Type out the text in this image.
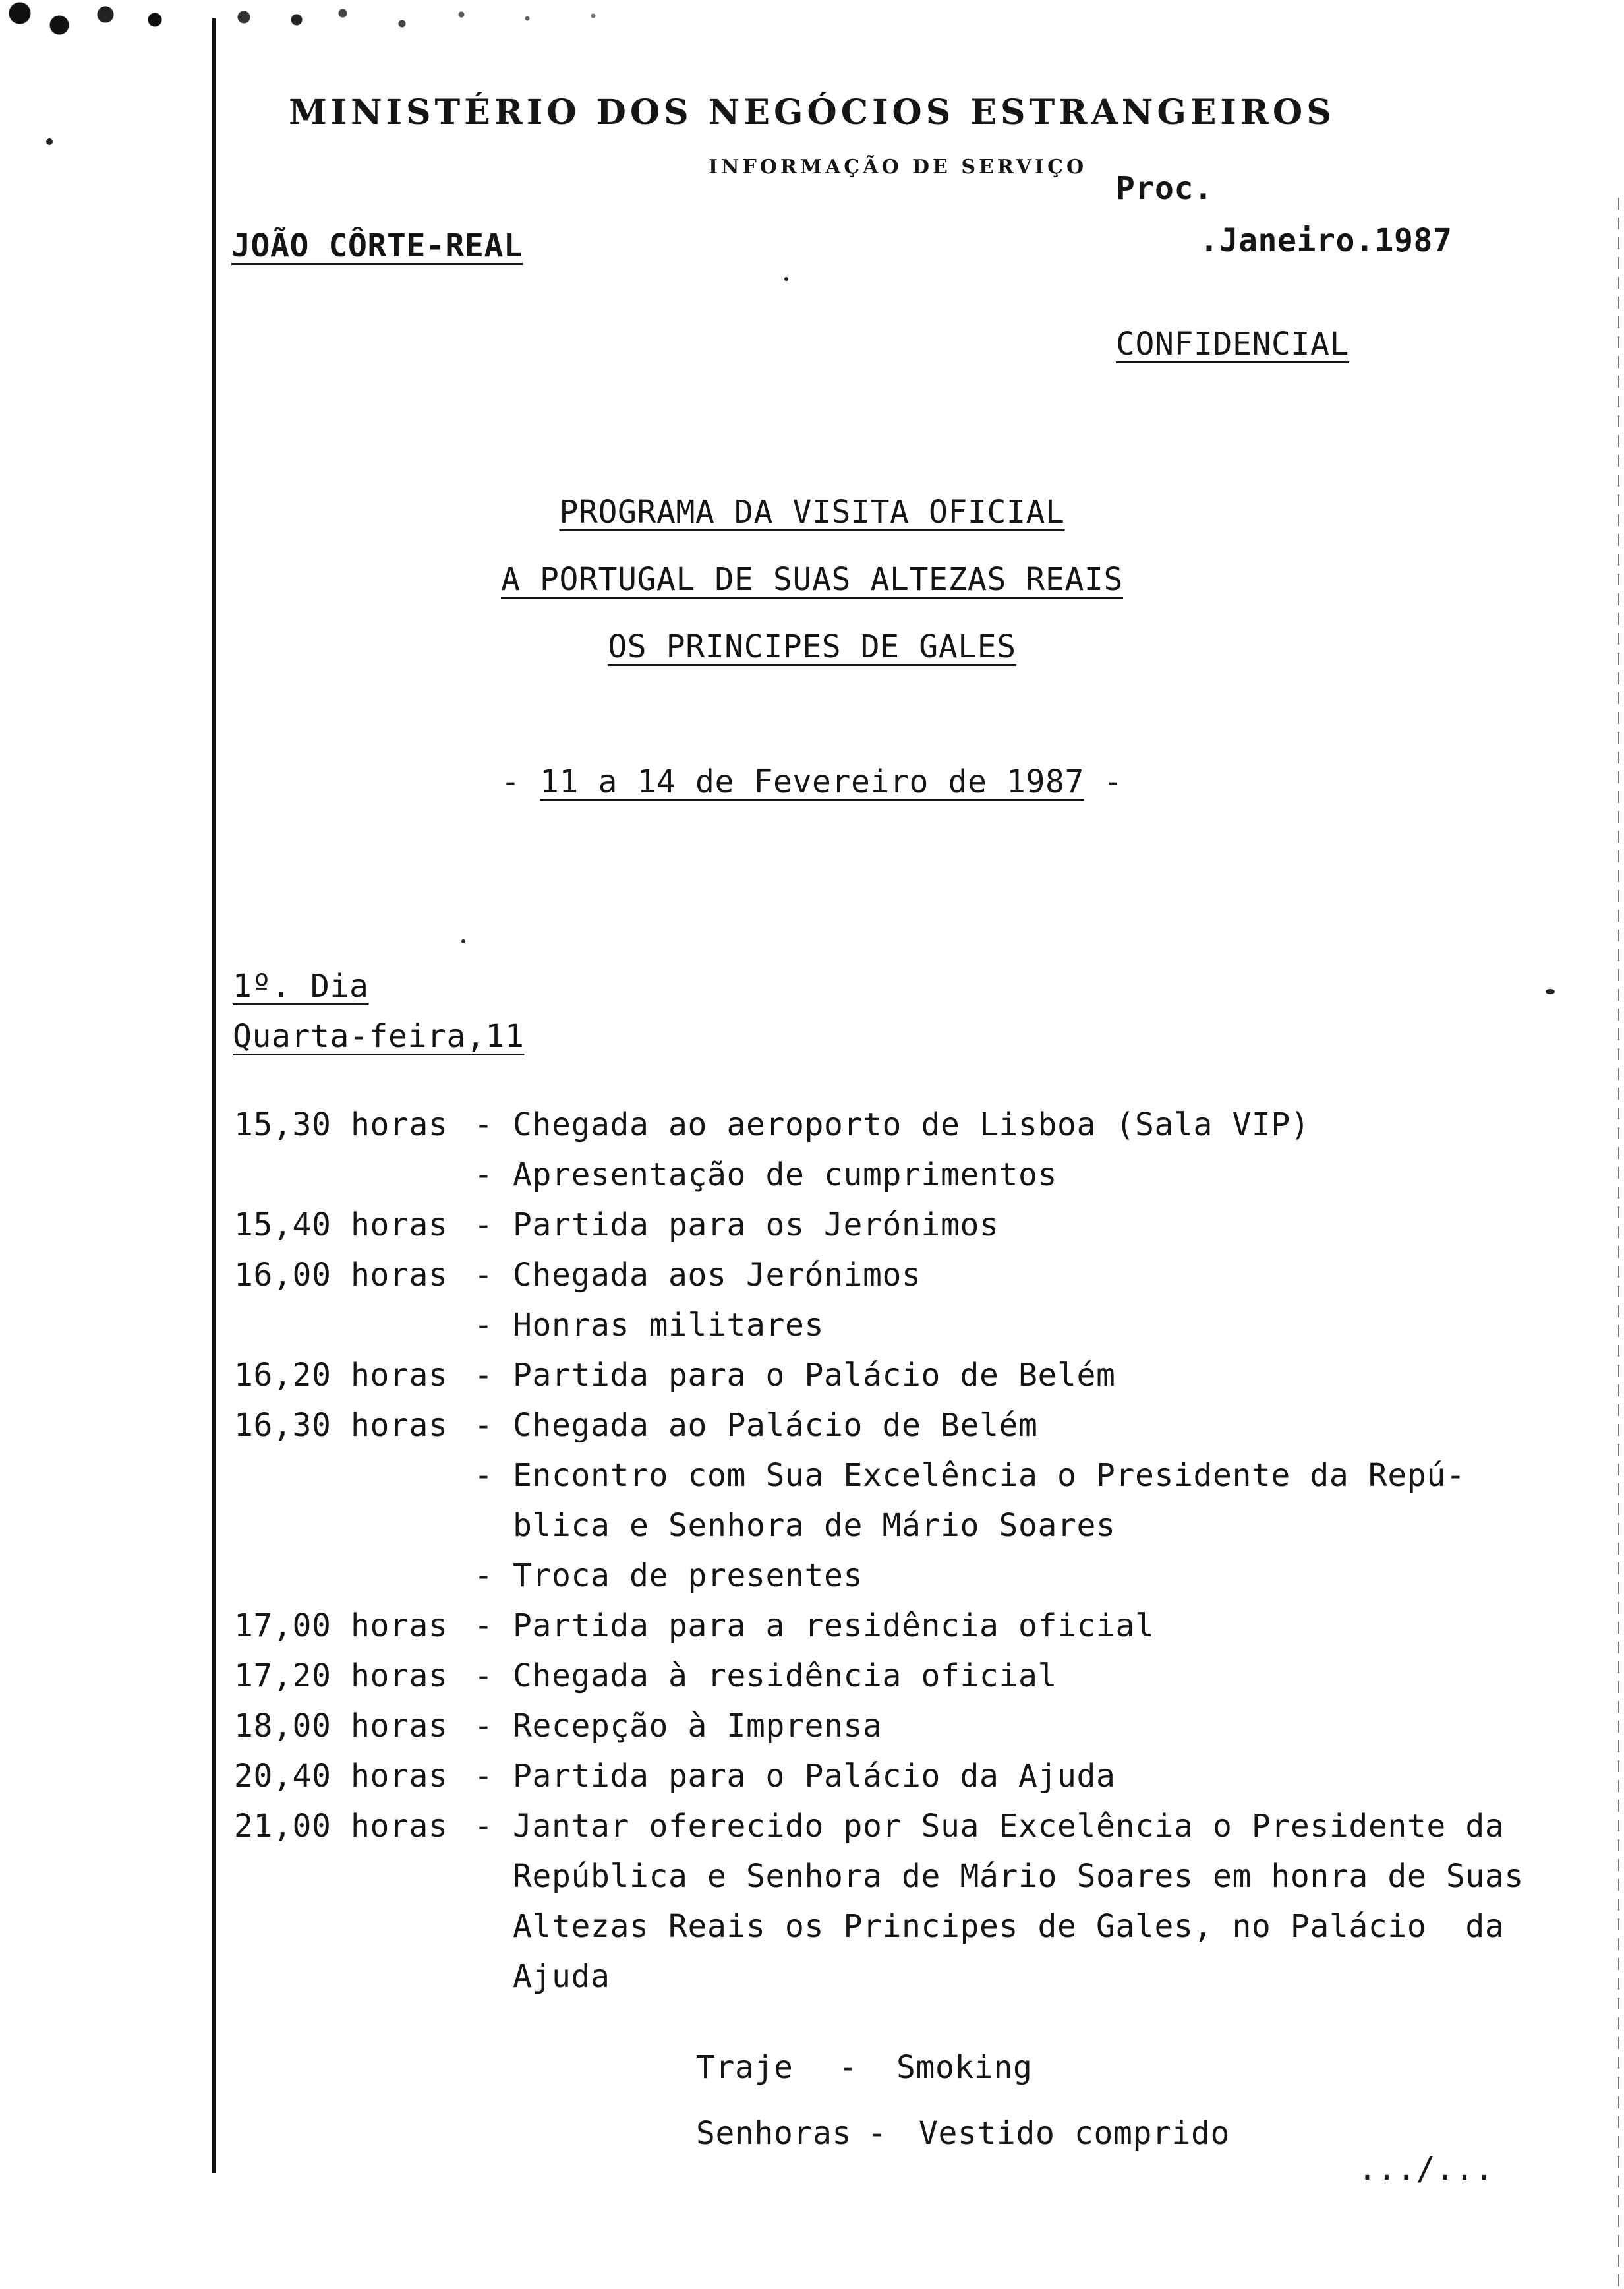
MINISTÉRIO DOS NEGÓCIOS ESTRANGEIROS
INFORMAÇÃO DE SERVIÇO
Proc.
JOÃO CÔRTE-REAL	.Janeiro.1987
CONFIDENCIAL
PROGRAMA DA VISITA OFICIAL
A PORTUGAL DE SUAS ALTEZAS REAIS
OS PRINCIPES DE GALES
- 11 a 14 de Fevereiro de 1987 -
1º. Dia
Quarta-feira,11
15,30 horas - Chegada ao aeroporto de Lisboa (Sala VIP)
- Apresentação de cumprimentos
15,40 horas - Partida para os Jerónimos
16,00 horas - Chegada aos Jerónimos
- Honras militares
16,20 horas - Partida para o Palácio de Belém
16,30 horas - Chegada ao Palácio de Belém
- Encontro com Sua Excelência o Presidente da Repú-
blica e Senhora de Mário Soares
- Troca de presentes
17,00 horas - Partida para a residência oficial
17,20 horas - Chegada à residência oficial
18,00 horas - Recepção à Imprensa
20,40 horas - Partida para o Palácio da Ajuda
21,00 horas - Jantar oferecido por Sua Excelência o Presidente da
República e Senhora de Mário Soares em honra de Suas
Altezas Reais os Principes de Gales, no Palácio  da
Ajuda
Traje - Smoking
Senhoras - Vestido comprido
.../...
